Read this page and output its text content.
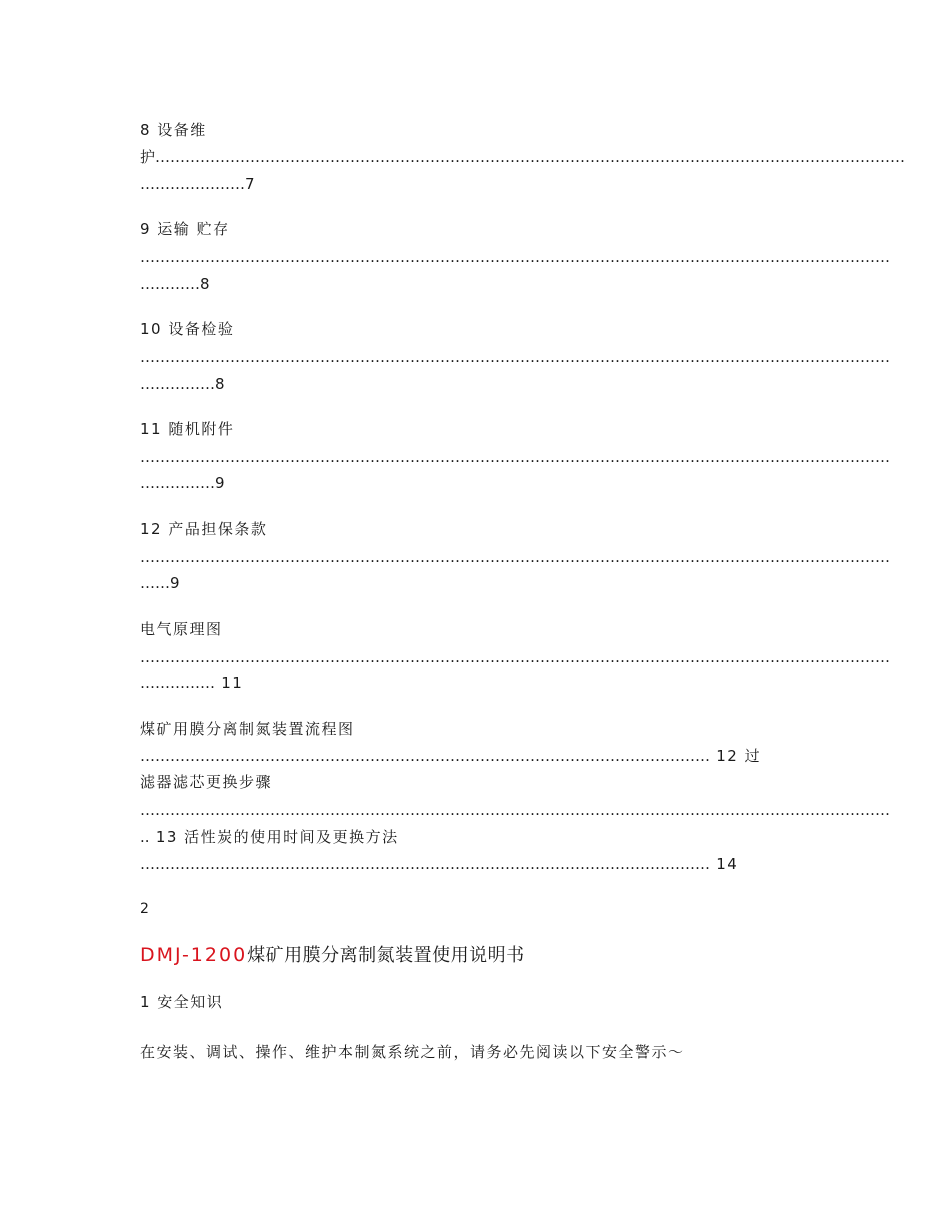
8 设备维
护……………………………………………………………………………………………………………………………………
…………………7
9 运输 贮存
……………………………………………………………………………………………………………………………………
…………8
10 设备检验
……………………………………………………………………………………………………………………………………
……………8
11 随机附件
……………………………………………………………………………………………………………………………………
……………9
12 产品担保条款
……………………………………………………………………………………………………………………………………
……9
电气原理图
……………………………………………………………………………………………………………………………………
…………… 11
煤矿用膜分离制氮装置流程图
…………………………………………………………………………………………………… 12 过
滤器滤芯更换步骤
……………………………………………………………………………………………………………………………………
.. 13 活性炭的使用时间及更换方法
…………………………………………………………………………………………………… 14
2
DMJ-1200煤矿用膜分离制氮装置使用说明书
1 安全知识
在安装、调试、操作、维护本制氮系统之前，请务必先阅读以下安全警示～
